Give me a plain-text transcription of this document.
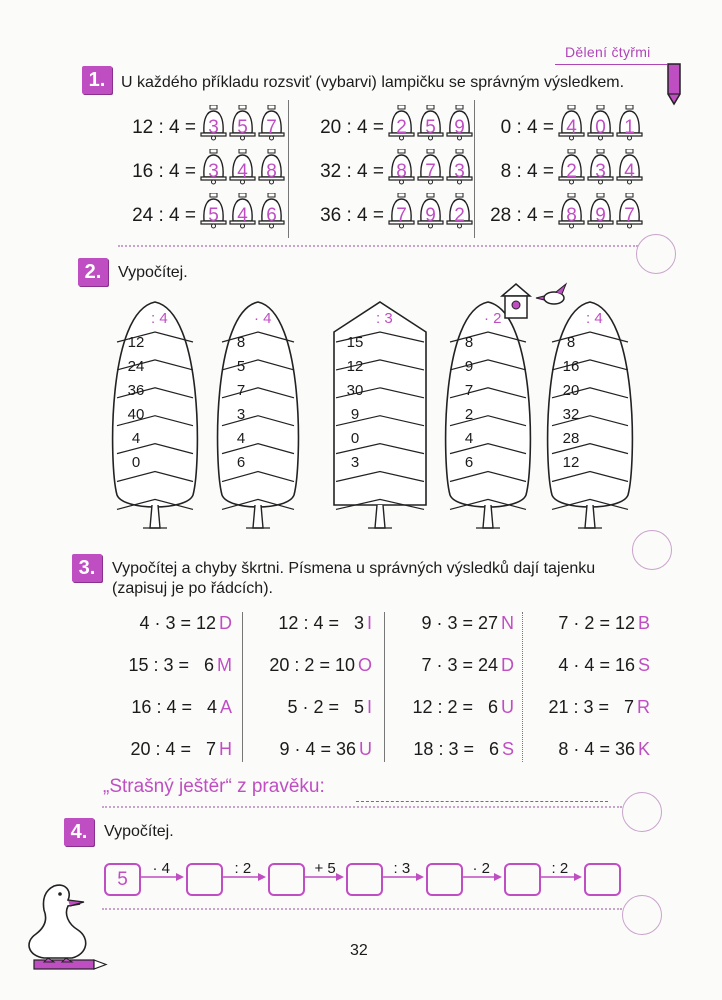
Dělení čtyřmi
1. U každého příkladu rozsviť (vybarvi) lampičku se správným výsledkem.
12 : 4 = 3 5 7
16 : 4 = 3 4 8
24 : 4 = 5 4 6
20 : 4 = 2 5 9
32 : 4 = 8 7 3
36 : 4 = 7 9 2
0 : 4 = 4 0 1
8 : 4 = 2 3 4
28 : 4 = 8 9 7
2.	Vypočítej.
: 4
12
24
36
40
4
0
· 4
8
5
7
3
4
6
: 3
15
12
30
9
0
3
· 2
8
9
7
2
4
6
: 4
8
16
20
32
28
12
3.	Vypočítej a chyby škrtni. Písmena u správných výsledků dají tajenku
(zapisuj je po řádcích).
4 · 3 = 12 D
15 : 3 =   6 M
16 : 4 =   4 A
20 : 4 =   7 H
12 : 4 =   3 I
20 : 2 = 10 O
5 · 2 =   5 I
9 · 4 = 36 U
9 · 3 = 27 N
7 · 3 = 24 D
12 : 2 =   6 U
18 : 3 =   6 S
7 · 2 = 12 B
4 · 4 = 16 S
21 : 3 =   7 R
8 · 4 = 36 K
„Strašný ještěr“ z pravěku:
4.	Vypočítej.
5
· 4	: 2	+ 5	: 3	· 2	: 2
32
